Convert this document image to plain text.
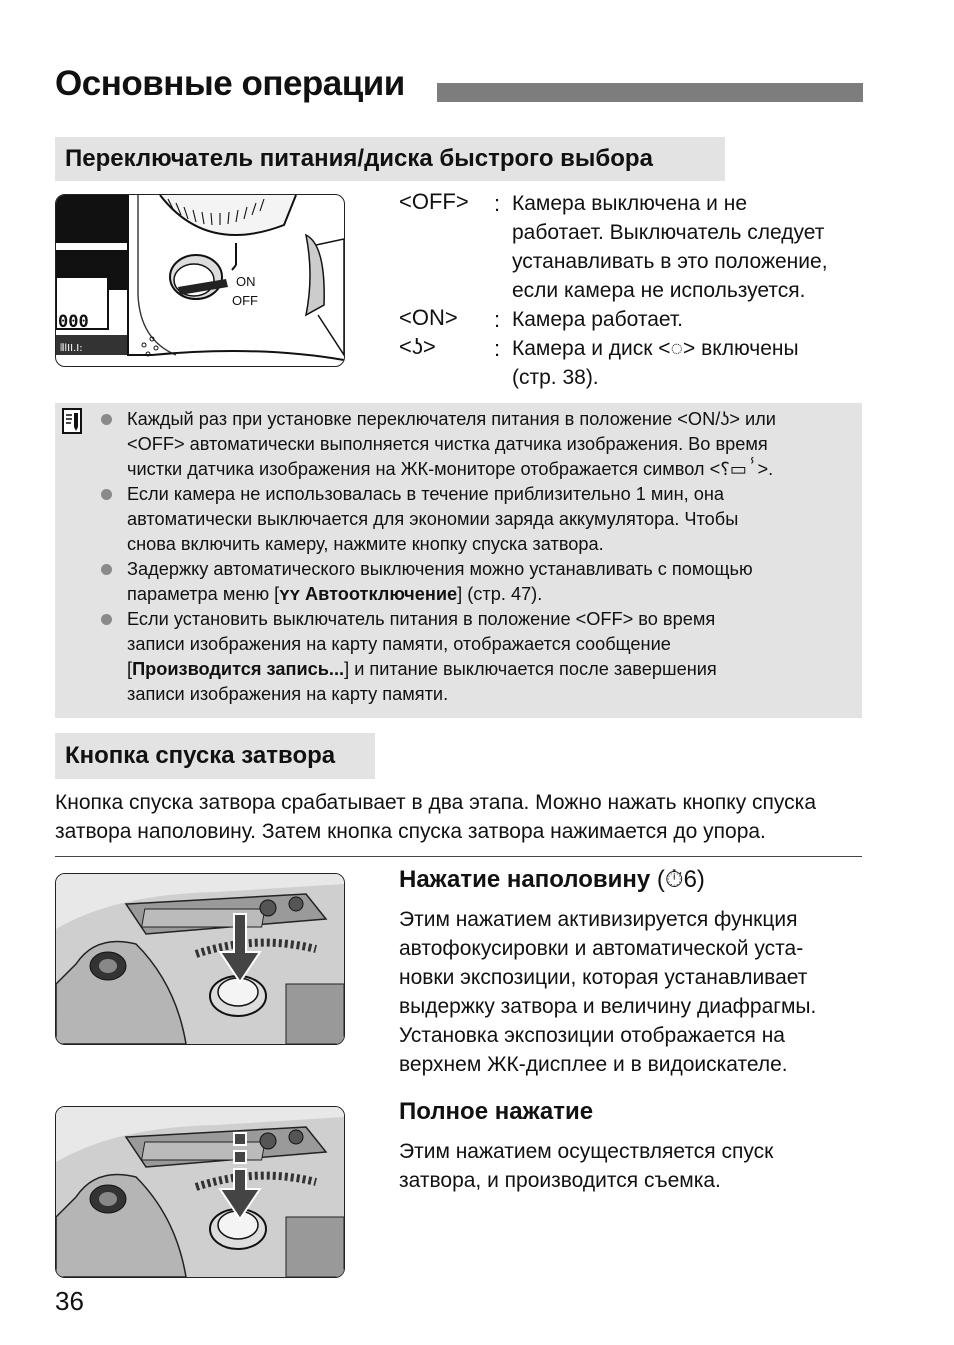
Основные операции
Переключатель питания/диска быстрого выбора
000
⦀lII.I:
ON
OFF
<OFF> : Камера выключена и не
работает. Выключатель следует
устанавливать в это положение,
если камера не используется.
<ON> : Камера работает.
<ʖ>	: Камера и диск <◌> включены
(стр. 38).
Каждый раз при установке переключателя питания в положение <ON/ʖ> или
<OFF> автоматически выполняется чистка датчика изображения. Во время
чистки датчика изображения на ЖК-мониторе отображается символ <⸮▭ⸯ>.
Если камера не использовалась в течение приблизительно 1 мин, она
автоматически выключается для экономии заряда аккумулятора. Чтобы
снова включить камеру, нажмите кнопку спуска затвора.
Задержку автоматического выключения можно устанавливать с помощью
параметра меню [ʏʏ Автоотключение] (стр. 47).
Если установить выключатель питания в положение <OFF> во время
записи изображения на карту памяти, отображается сообщение
[Производится запись...] и питание выключается после завершения
записи изображения на карту памяти.
Кнопка спуска затвора
Кнопка спуска затвора срабатывает в два этапа. Можно нажать кнопку спуска
затвора наполовину. Затем кнопка спуска затвора нажимается до упора.
Нажатие наполовину (⏱6)
Этим нажатием активизируется функция
автофокусировки и автоматической уста-
новки экспозиции, которая устанавливает
выдержку затвора и величину диафрагмы.
Установка экспозиции отображается на
верхнем ЖК-дисплее и в видоискателе.
Полное нажатие
Этим нажатием осуществляется спуск
затвора, и производится съемка.
36
